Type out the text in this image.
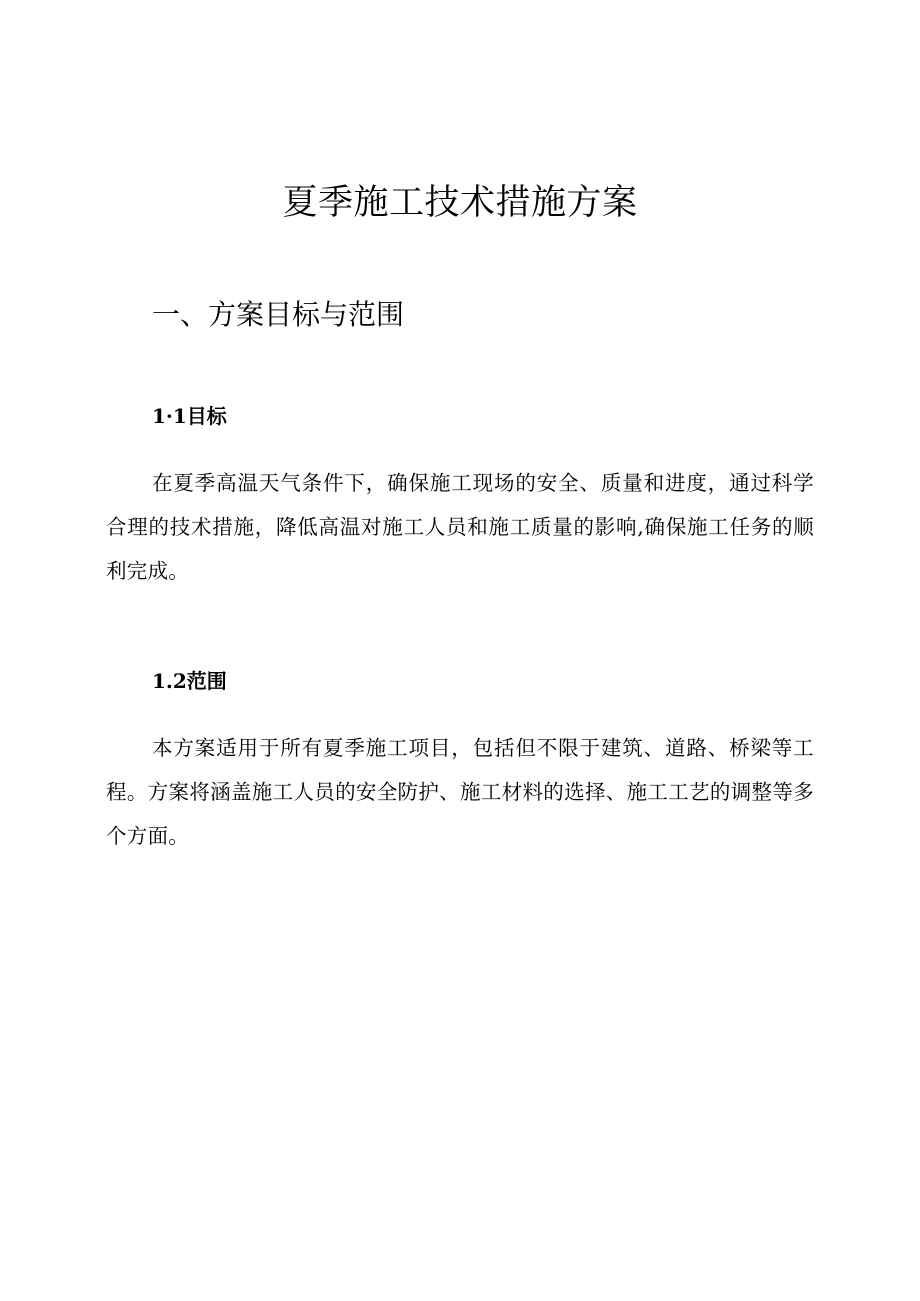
夏季施工技术措施方案
一、方案目标与范围
1·1目标

在夏季高温天气条件下，确保施工现场的安全、质量和进度，通过科学合理的技术措施，降低高温对施工人员和施工质量的影响,确保施工任务的顺利完成。

1.2范围

本方案适用于所有夏季施工项目，包括但不限于建筑、道路、桥梁等工程。方案将涵盖施工人员的安全防护、施工材料的选择、施工工艺的调整等多个方面。
